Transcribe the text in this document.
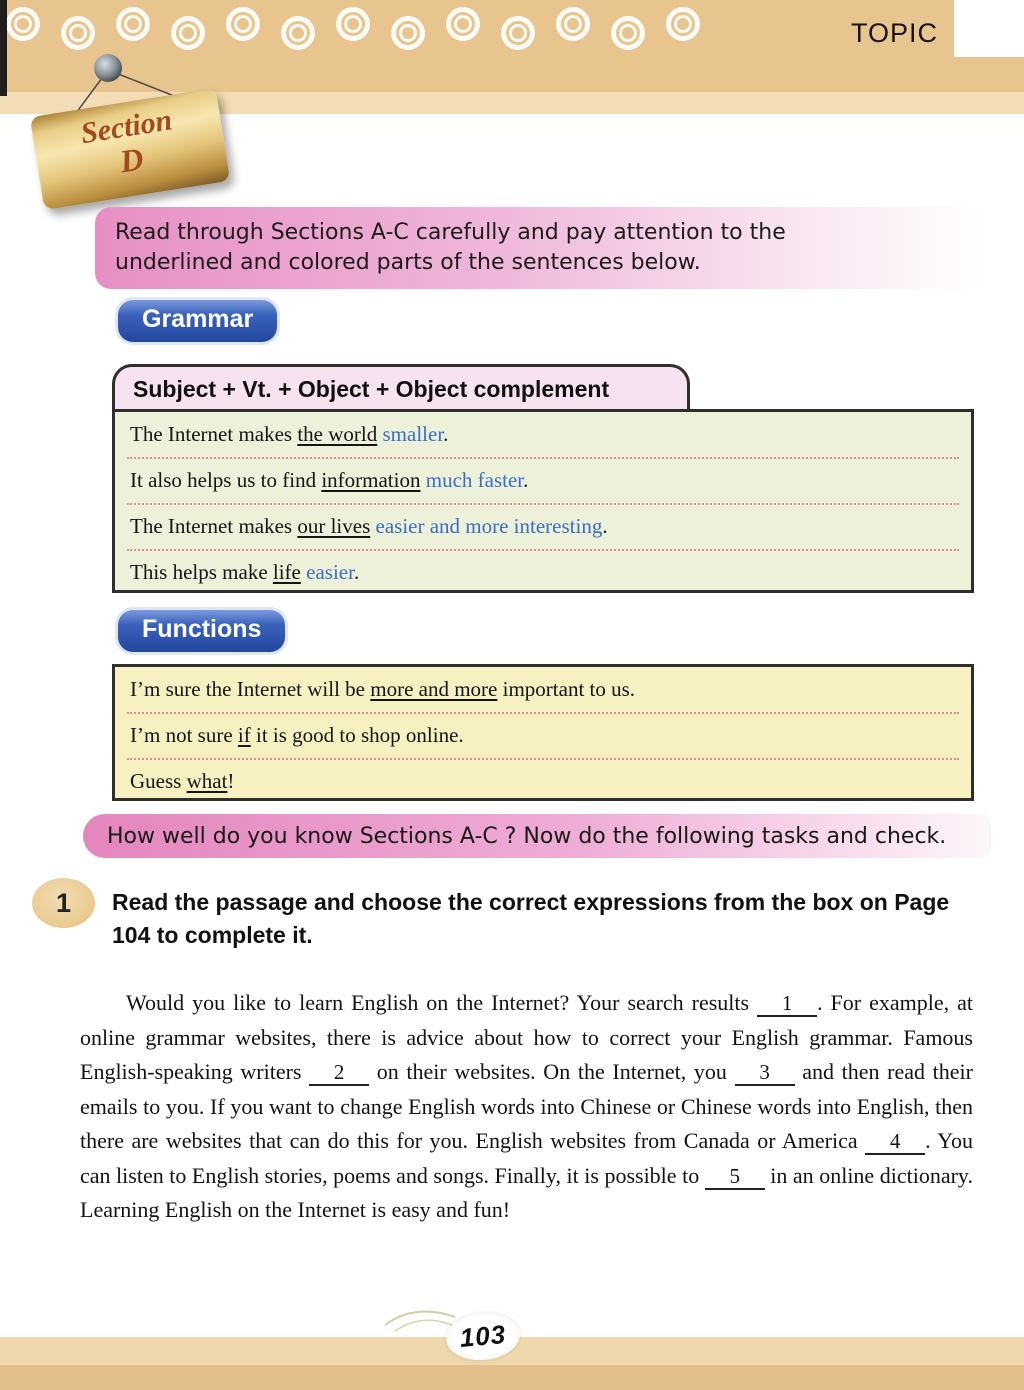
TOPIC
Section
D
Read through Sections A-C carefully and pay attention to the underlined and colored parts of the sentences below.
Grammar
Subject + Vt. + Object + Object complement
The Internet makes the world smaller.
It also helps us to find information much faster.
The Internet makes our lives easier and more interesting.
This helps make life easier.
Functions
I’m sure the Internet will be more and more important to us.
I’m not sure if it is good to shop online.
Guess what!
How well do you know Sections A-C ? Now do the following tasks and check.
1	Read the passage and choose the correct expressions from the box on Page 104 to complete it.

Would you like to learn English on the Internet? Your search results 1 . For example, at online grammar websites, there is advice about how to correct your English grammar. Famous English-speaking writers 2 on their websites. On the Internet, you 3 and then read their emails to you. If you want to change English words into Chinese or Chinese words into English, then there are websites that can do this for you. English websites from Canada or America 4 . You can listen to English stories, poems and songs. Finally, it is possible to 5 in an online dictionary. Learning English on the Internet is easy and fun!

103
